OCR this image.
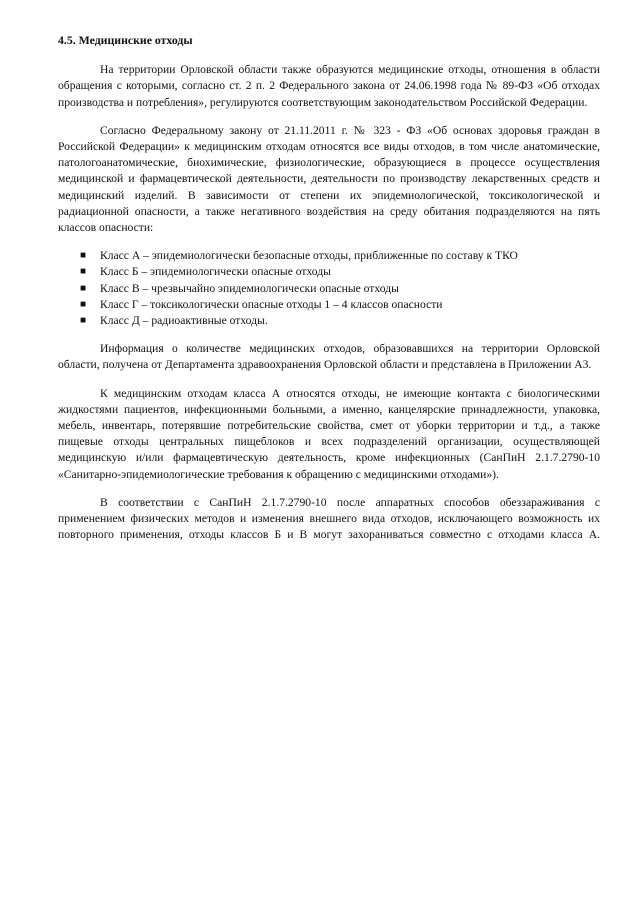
4.5. Медицинские отходы

На территории Орловской области также образуются медицинские отходы, отношения в области обращения с которыми, согласно ст. 2 п. 2 Федерального закона от 24.06.1998 года № 89-ФЗ «Об отходах производства и потребления», регулируются соответствующим законодательством Российской Федерации.

Согласно Федеральному закону от 21.11.2011 г. № 323 - ФЗ «Об основах здоровья граждан в Российской Федерации» к медицинским отходам относятся все виды отходов, в том числе анатомические, патологоанатомические, биохимические, физиологические, образующиеся в процессе осуществления медицинской и фармацевтической деятельности, деятельности по производству лекарственных средств и медицинский изделий. В зависимости от степени их эпидемиологической, токсикологической и радиационной опасности, а также негативного воздействия на среду обитания подразделяются на пять классов опасности:

■ Класс А – эпидемиологически безопасные отходы, приближенные по составу к ТКО
■ Класс Б – эпидемиологически опасные отходы
■ Класс В – чрезвычайно эпидемиологически опасные отходы
■ Класс Г – токсикологически опасные отходы 1 – 4 классов опасности
■ Класс Д – радиоактивные отходы.

Информация о количестве медицинских отходов, образовавшихся на территории Орловской области, получена от Департамента здравоохранения Орловской области и представлена в Приложении А3.

К медицинским отходам класса А относятся отходы, не имеющие контакта с биологическими жидкостями пациентов, инфекционными больными, а именно, канцелярские принадлежности, упаковка, мебель, инвентарь, потерявшие потребительские свойства, смет от уборки территории и т.д., а также пищевые отходы центральных пищеблоков и всех подразделений организации, осуществляющей медицинскую и/или фармацевтическую деятельность, кроме инфекционных (СанПиН 2.1.7.2790-10 «Санитарно-эпидемиологические требования к обращению с медицинскими отходами»).

В соответствии с СанПиН 2.1.7.2790-10 после аппаратных способов обеззараживания с применением физических методов и изменения внешнего вида отходов, исключающего возможность их повторного применения, отходы классов Б и В могут захораниваться совместно с отходами класса А.
